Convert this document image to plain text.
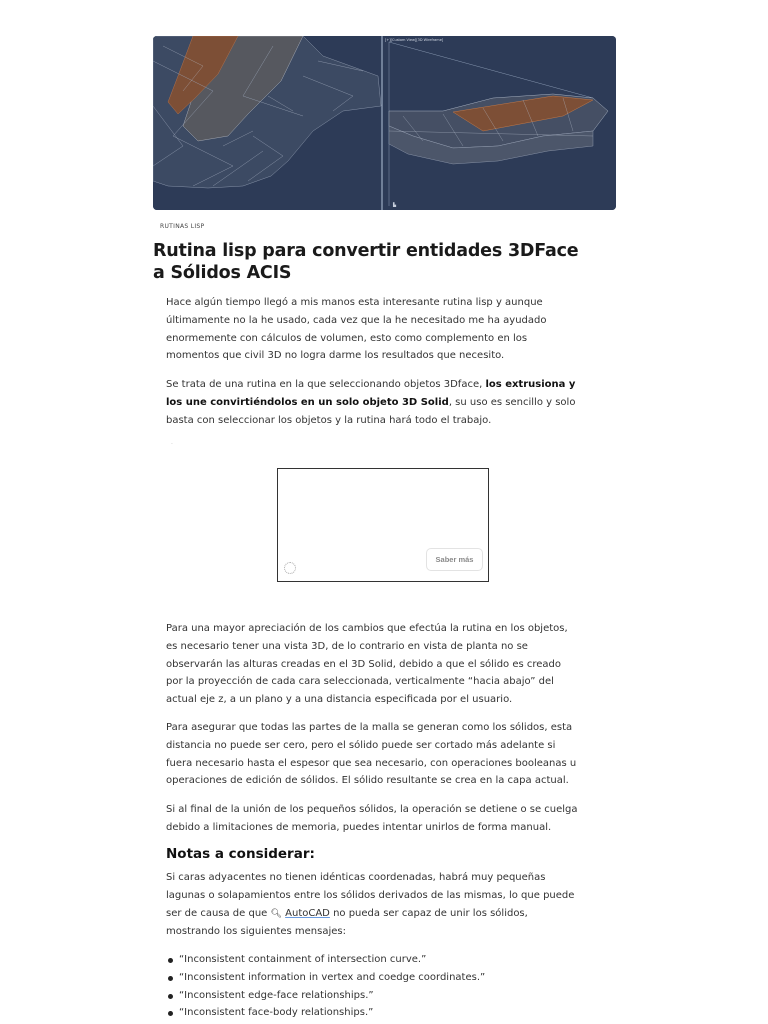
[+][Custom View][3D Wireframe]
▙
RUTINAS LISP
Rutina lisp para convertir entidades 3DFace a Sólidos ACIS

Hace algún tiempo llegó a mis manos esta interesante rutina lisp y aunque últimamente no la he usado, cada vez que la he necesitado me ha ayudado enormemente con cálculos de volumen, esto como complemento en los momentos que civil 3D no logra darme los resultados que necesito.

Se trata de una rutina en la que seleccionando objetos 3Dface, los extrusiona y los une convirtiéndolos en un solo objeto 3D Solid, su uso es sencillo y solo basta con seleccionar los objetos y la rutina hará todo el trabajo.

·
Saber más

Para una mayor apreciación de los cambios que efectúa la rutina en los objetos, es necesario tener una vista 3D, de lo contrario en vista de planta no se observarán las alturas creadas en el 3D Solid, debido a que el sólido es creado por la proyección de cada cara seleccionada, verticalmente “hacia abajo” del actual eje z, a un plano y a una distancia especificada por el usuario.

Para asegurar que todas las partes de la malla se generan como los sólidos, esta distancia no puede ser cero, pero el sólido puede ser cortado más adelante si fuera necesario hasta el espesor que sea necesario, con operaciones booleanas u operaciones de edición de sólidos. El sólido resultante se crea en la capa actual.

Si al final de la unión de los pequeños sólidos, la operación se detiene o se cuelga debido a limitaciones de memoria, puedes intentar unirlos de forma manual.

Notas a considerar:

Si caras adyacentes no tienen idénticas coordenadas, habrá muy pequeñas lagunas o solapamientos entre los sólidos derivados de las mismas, lo que puede ser de causa de que 🔍︎ AutoCAD no pueda ser capaz de unir los sólidos, mostrando los siguientes mensajes:

“Inconsistent containment of intersection curve.”
“Inconsistent information in vertex and coedge coordinates.”
“Inconsistent edge-face relationships.”
“Inconsistent face-body relationships.”
